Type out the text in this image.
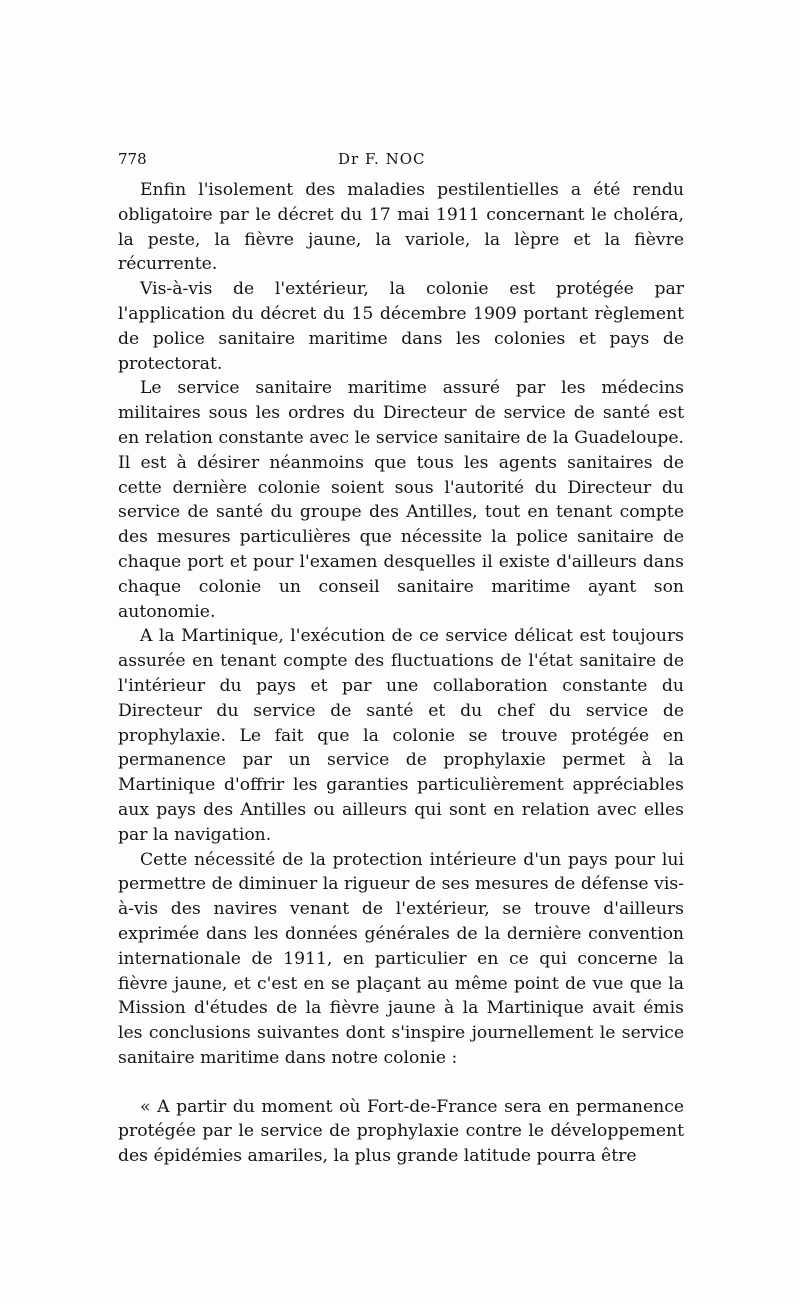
778	Dr F. NOC

Enfin l'isolement des maladies pestilentielles a été rendu obligatoire par le décret du 17 mai 1911 concernant le choléra, la peste, la fièvre jaune, la variole, la lèpre et la fièvre récurrente.

Vis-à-vis de l'extérieur, la colonie est protégée par l'application du décret du 15 décembre 1909 portant règlement de police sanitaire maritime dans les colonies et pays de protectorat.

Le service sanitaire maritime assuré par les médecins militaires sous les ordres du Directeur de service de santé est en relation constante avec le service sanitaire de la Guadeloupe. Il est à désirer néanmoins que tous les agents sanitaires de cette dernière colonie soient sous l'autorité du Directeur du service de santé du groupe des Antilles, tout en tenant compte des mesures particulières que nécessite la police sanitaire de chaque port et pour l'examen desquelles il existe d'ailleurs dans chaque colonie un conseil sanitaire maritime ayant son autonomie.

A la Martinique, l'exécution de ce service délicat est toujours assurée en tenant compte des fluctuations de l'état sanitaire de l'intérieur du pays et par une collaboration constante du Directeur du service de santé et du chef du service de prophylaxie. Le fait que la colonie se trouve protégée en permanence par un service de prophylaxie permet à la Martinique d'offrir les garanties particulièrement appréciables aux pays des Antilles ou ailleurs qui sont en relation avec elles par la navigation.

Cette nécessité de la protection intérieure d'un pays pour lui permettre de diminuer la rigueur de ses mesures de défense vis-à-vis des navires venant de l'extérieur, se trouve d'ailleurs exprimée dans les données générales de la dernière convention internationale de 1911, en particulier en ce qui concerne la fièvre jaune, et c'est en se plaçant au même point de vue que la Mission d'études de la fièvre jaune à la Martinique avait émis les conclusions suivantes dont s'inspire journellement le service sanitaire maritime dans notre colonie :

« A partir du moment où Fort-de-France sera en permanence protégée par le service de prophylaxie contre le développement des épidémies amariles, la plus grande latitude pourra être
